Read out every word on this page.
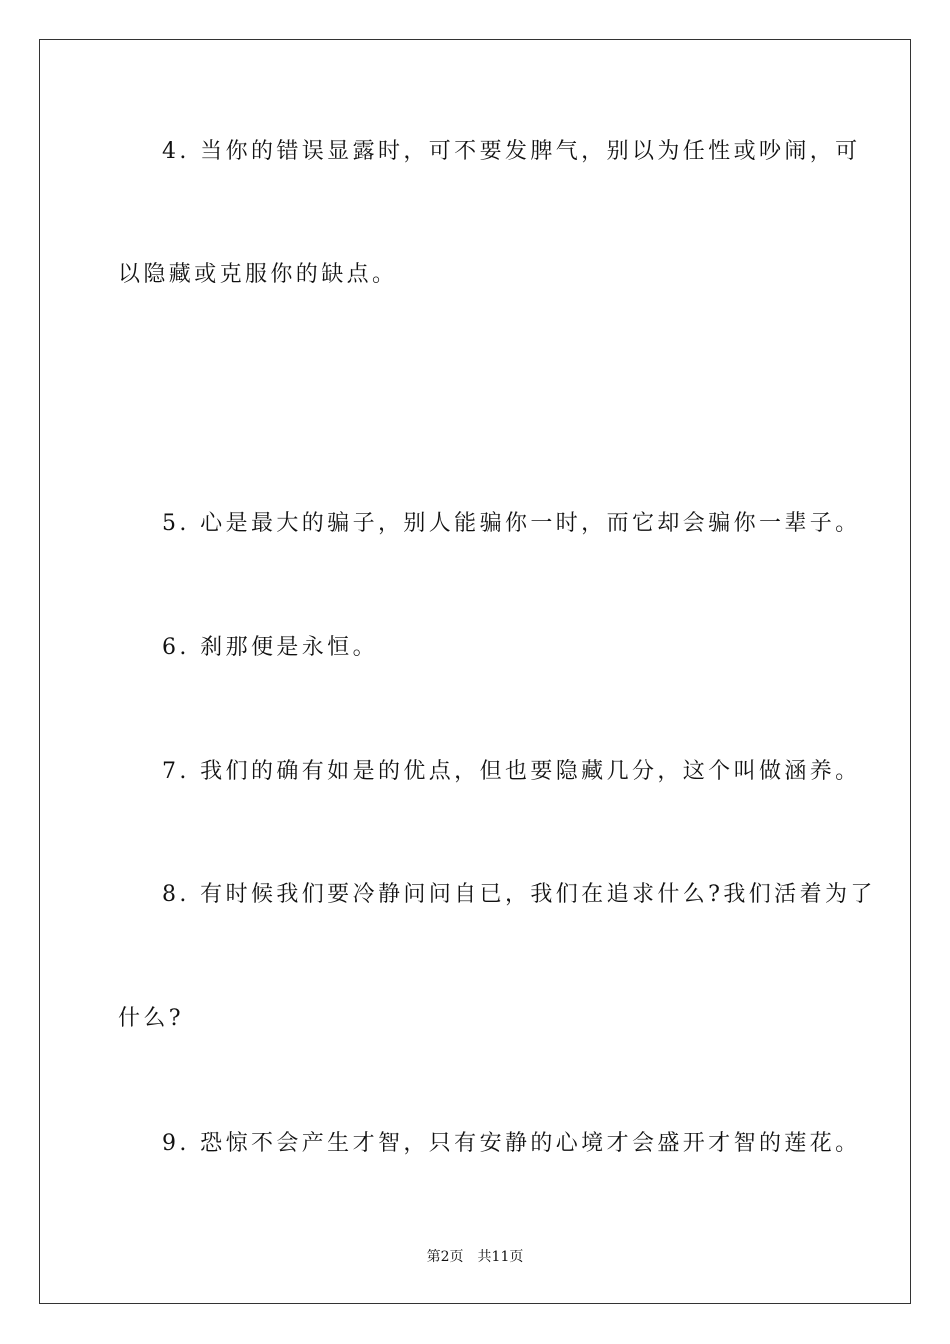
4. 当你的错误显露时，可不要发脾气，别以为任性或吵闹，可
以隐藏或克服你的缺点。
5. 心是最大的骗子，别人能骗你一时，而它却会骗你一辈子。
6. 刹那便是永恒。
7. 我们的确有如是的优点，但也要隐藏几分，这个叫做涵养。
8. 有时候我们要冷静问问自已，我们在追求什么?我们活着为了
什么?
9. 恐惊不会产生才智，只有安静的心境才会盛开才智的莲花。
第2页 共11页
